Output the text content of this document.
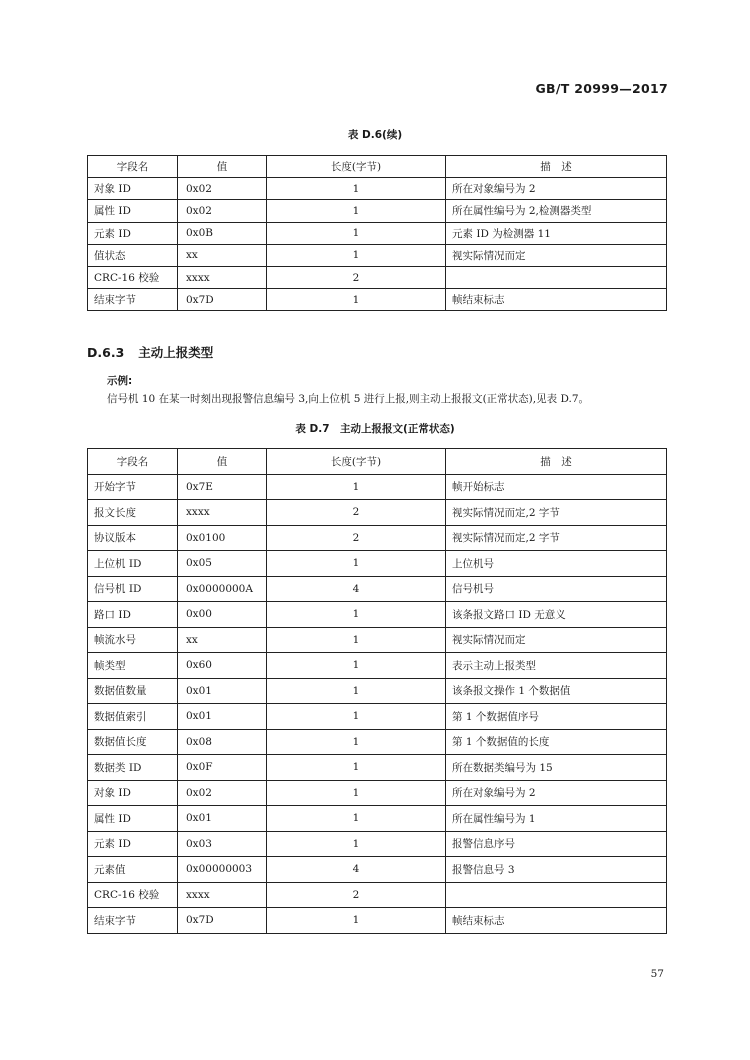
GB/T 20999—2017
表 D.6(续)
字段名	值	长度(字节)	描　述
对象 ID	0x02	1	所在对象编号为 2
属性 ID	0x02	1	所在属性编号为 2,检测器类型
元素 ID	0x0B	1	元素 ID 为检测器 11
值状态	xx	1	视实际情况而定
CRC-16 校验	xxxx	2	
结束字节	0x7D	1	帧结束标志
D.6.3 主动上报类型
示例:
信号机 10 在某一时刻出现报警信息编号 3,向上位机 5 进行上报,则主动上报报文(正常状态),见表 D.7。
表 D.7　主动上报报文(正常状态)
字段名	值	长度(字节)	描　述
开始字节	0x7E	1	帧开始标志
报文长度	xxxx	2	视实际情况而定,2 字节
协议版本	0x0100	2	视实际情况而定,2 字节
上位机 ID	0x05	1	上位机号
信号机 ID	0x0000000A	4	信号机号
路口 ID	0x00	1	该条报文路口 ID 无意义
帧流水号	xx	1	视实际情况而定
帧类型	0x60	1	表示主动上报类型
数据值数量	0x01	1	该条报文操作 1 个数据值
数据值索引	0x01	1	第 1 个数据值序号
数据值长度	0x08	1	第 1 个数据值的长度
数据类 ID	0x0F	1	所在数据类编号为 15
对象 ID	0x02	1	所在对象编号为 2
属性 ID	0x01	1	所在属性编号为 1
元素 ID	0x03	1	报警信息序号
元素值	0x00000003	4	报警信息号 3
CRC-16 校验	xxxx	2	
结束字节	0x7D	1	帧结束标志
57
